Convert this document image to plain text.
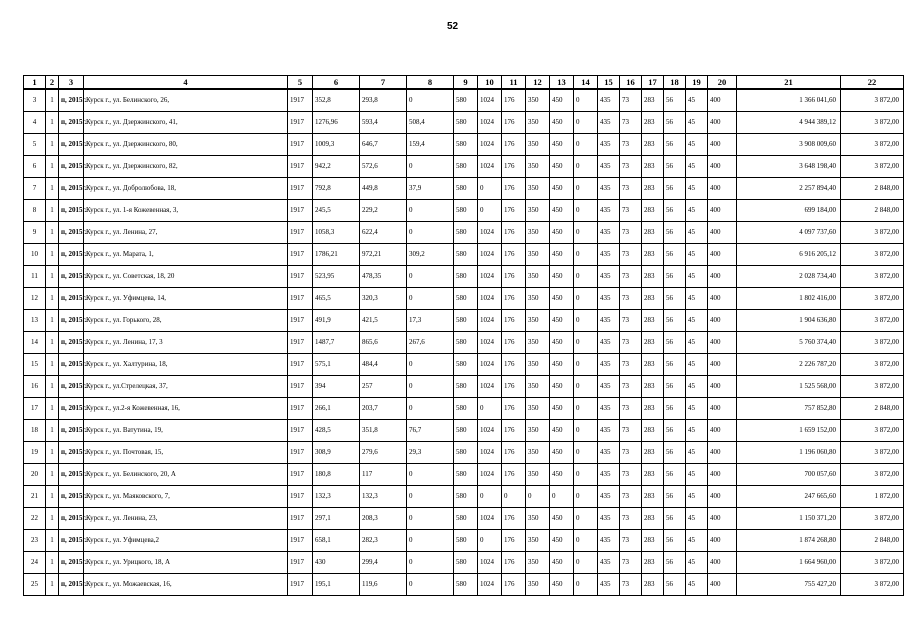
52
1	2	3	4	5	6	7	8	9	10	11	12	13	14	15	16	17	18	19	20	21	22
3	1	п, 2015г.	Курск г., ул. Белинского, 26,	1917	352,8	293,8	0	580	1024	176	350	450	0	435	73	283	56	45	400	1 366 041,60	3 872,00
4	1	п, 2015г.	Курск г., ул. Дзержинского, 41,	1917	1276,96	593,4	508,4	580	1024	176	350	450	0	435	73	283	56	45	400	4 944 389,12	3 872,00
5	1	п, 2015г.	Курск г., ул. Дзержинского, 80,	1917	1009,3	646,7	159,4	580	1024	176	350	450	0	435	73	283	56	45	400	3 908 009,60	3 872,00
6	1	п, 2015г.	Курск г., ул. Дзержинского, 82,	1917	942,2	572,6	0	580	1024	176	350	450	0	435	73	283	56	45	400	3 648 198,40	3 872,00
7	1	п, 2015г.	Курск г., ул. Добролюбова, 18,	1917	792,8	449,8	37,9	580	0	176	350	450	0	435	73	283	56	45	400	2 257 894,40	2 848,00
8	1	п, 2015г.	Курск г., ул. 1-я Кожевенная, 3,	1917	245,5	229,2	0	580	0	176	350	450	0	435	73	283	56	45	400	699 184,00	2 848,00
9	1	п, 2015г.	Курск г., ул. Ленина, 27,	1917	1058,3	622,4	0	580	1024	176	350	450	0	435	73	283	56	45	400	4 097 737,60	3 872,00
10	1	п, 2015г.	Курск г., ул. Марата, 1,	1917	1786,21	972,21	309,2	580	1024	176	350	450	0	435	73	283	56	45	400	6 916 205,12	3 872,00
11	1	п, 2015г.	Курск г., ул. Советская, 18, 20	1917	523,95	478,35	0	580	1024	176	350	450	0	435	73	283	56	45	400	2 028 734,40	3 872,00
12	1	п, 2015г.	Курск г., ул. Уфимцева, 14,	1917	465,5	320,3	0	580	1024	176	350	450	0	435	73	283	56	45	400	1 802 416,00	3 872,00
13	1	п, 2015г.	Курск г., ул. Горького, 28,	1917	491,9	421,5	17,3	580	1024	176	350	450	0	435	73	283	56	45	400	1 904 636,80	3 872,00
14	1	п, 2015г.	Курск г., ул. Ленина, 17, 3	1917	1487,7	865,6	267,6	580	1024	176	350	450	0	435	73	283	56	45	400	5 760 374,40	3 872,00
15	1	п, 2015г.	Курск г., ул. Халтурина, 18,	1917	575,1	484,4	0	580	1024	176	350	450	0	435	73	283	56	45	400	2 226 787,20	3 872,00
16	1	п, 2015г.	Курск г., ул.Стрелецкая, 37,	1917	394	257	0	580	1024	176	350	450	0	435	73	283	56	45	400	1 525 568,00	3 872,00
17	1	п, 2015г.	Курск г., ул.2-я Кожевенная, 16,	1917	266,1	203,7	0	580	0	176	350	450	0	435	73	283	56	45	400	757 852,80	2 848,00
18	1	п, 2015г.	Курск г., ул. Ватутина, 19,	1917	428,5	351,8	76,7	580	1024	176	350	450	0	435	73	283	56	45	400	1 659 152,00	3 872,00
19	1	п, 2015г.	Курск г., ул. Почтовая, 15,	1917	308,9	279,6	29,3	580	1024	176	350	450	0	435	73	283	56	45	400	1 196 060,80	3 872,00
20	1	п, 2015г.	Курск г., ул. Белинского, 20, А	1917	180,8	117	0	580	1024	176	350	450	0	435	73	283	56	45	400	700 057,60	3 872,00
21	1	п, 2015г.	Курск г., ул. Маяковского, 7,	1917	132,3	132,3	0	580	0	0	0	0	0	435	73	283	56	45	400	247 665,60	1 872,00
22	1	п, 2015г.	Курск г., ул. Ленина, 23,	1917	297,1	208,3	0	580	1024	176	350	450	0	435	73	283	56	45	400	1 150 371,20	3 872,00
23	1	п, 2015г.	Курск г., ул. Уфимцева,2	1917	658,1	282,3	0	580	0	176	350	450	0	435	73	283	56	45	400	1 874 268,80	2 848,00
24	1	п, 2015г.	Курск г., ул. Урицкого, 18, А	1917	430	299,4	0	580	1024	176	350	450	0	435	73	283	56	45	400	1 664 960,00	3 872,00
25	1	п, 2015г.	Курск г., ул. Можаевская, 16,	1917	195,1	119,6	0	580	1024	176	350	450	0	435	73	283	56	45	400	755 427,20	3 872,00
